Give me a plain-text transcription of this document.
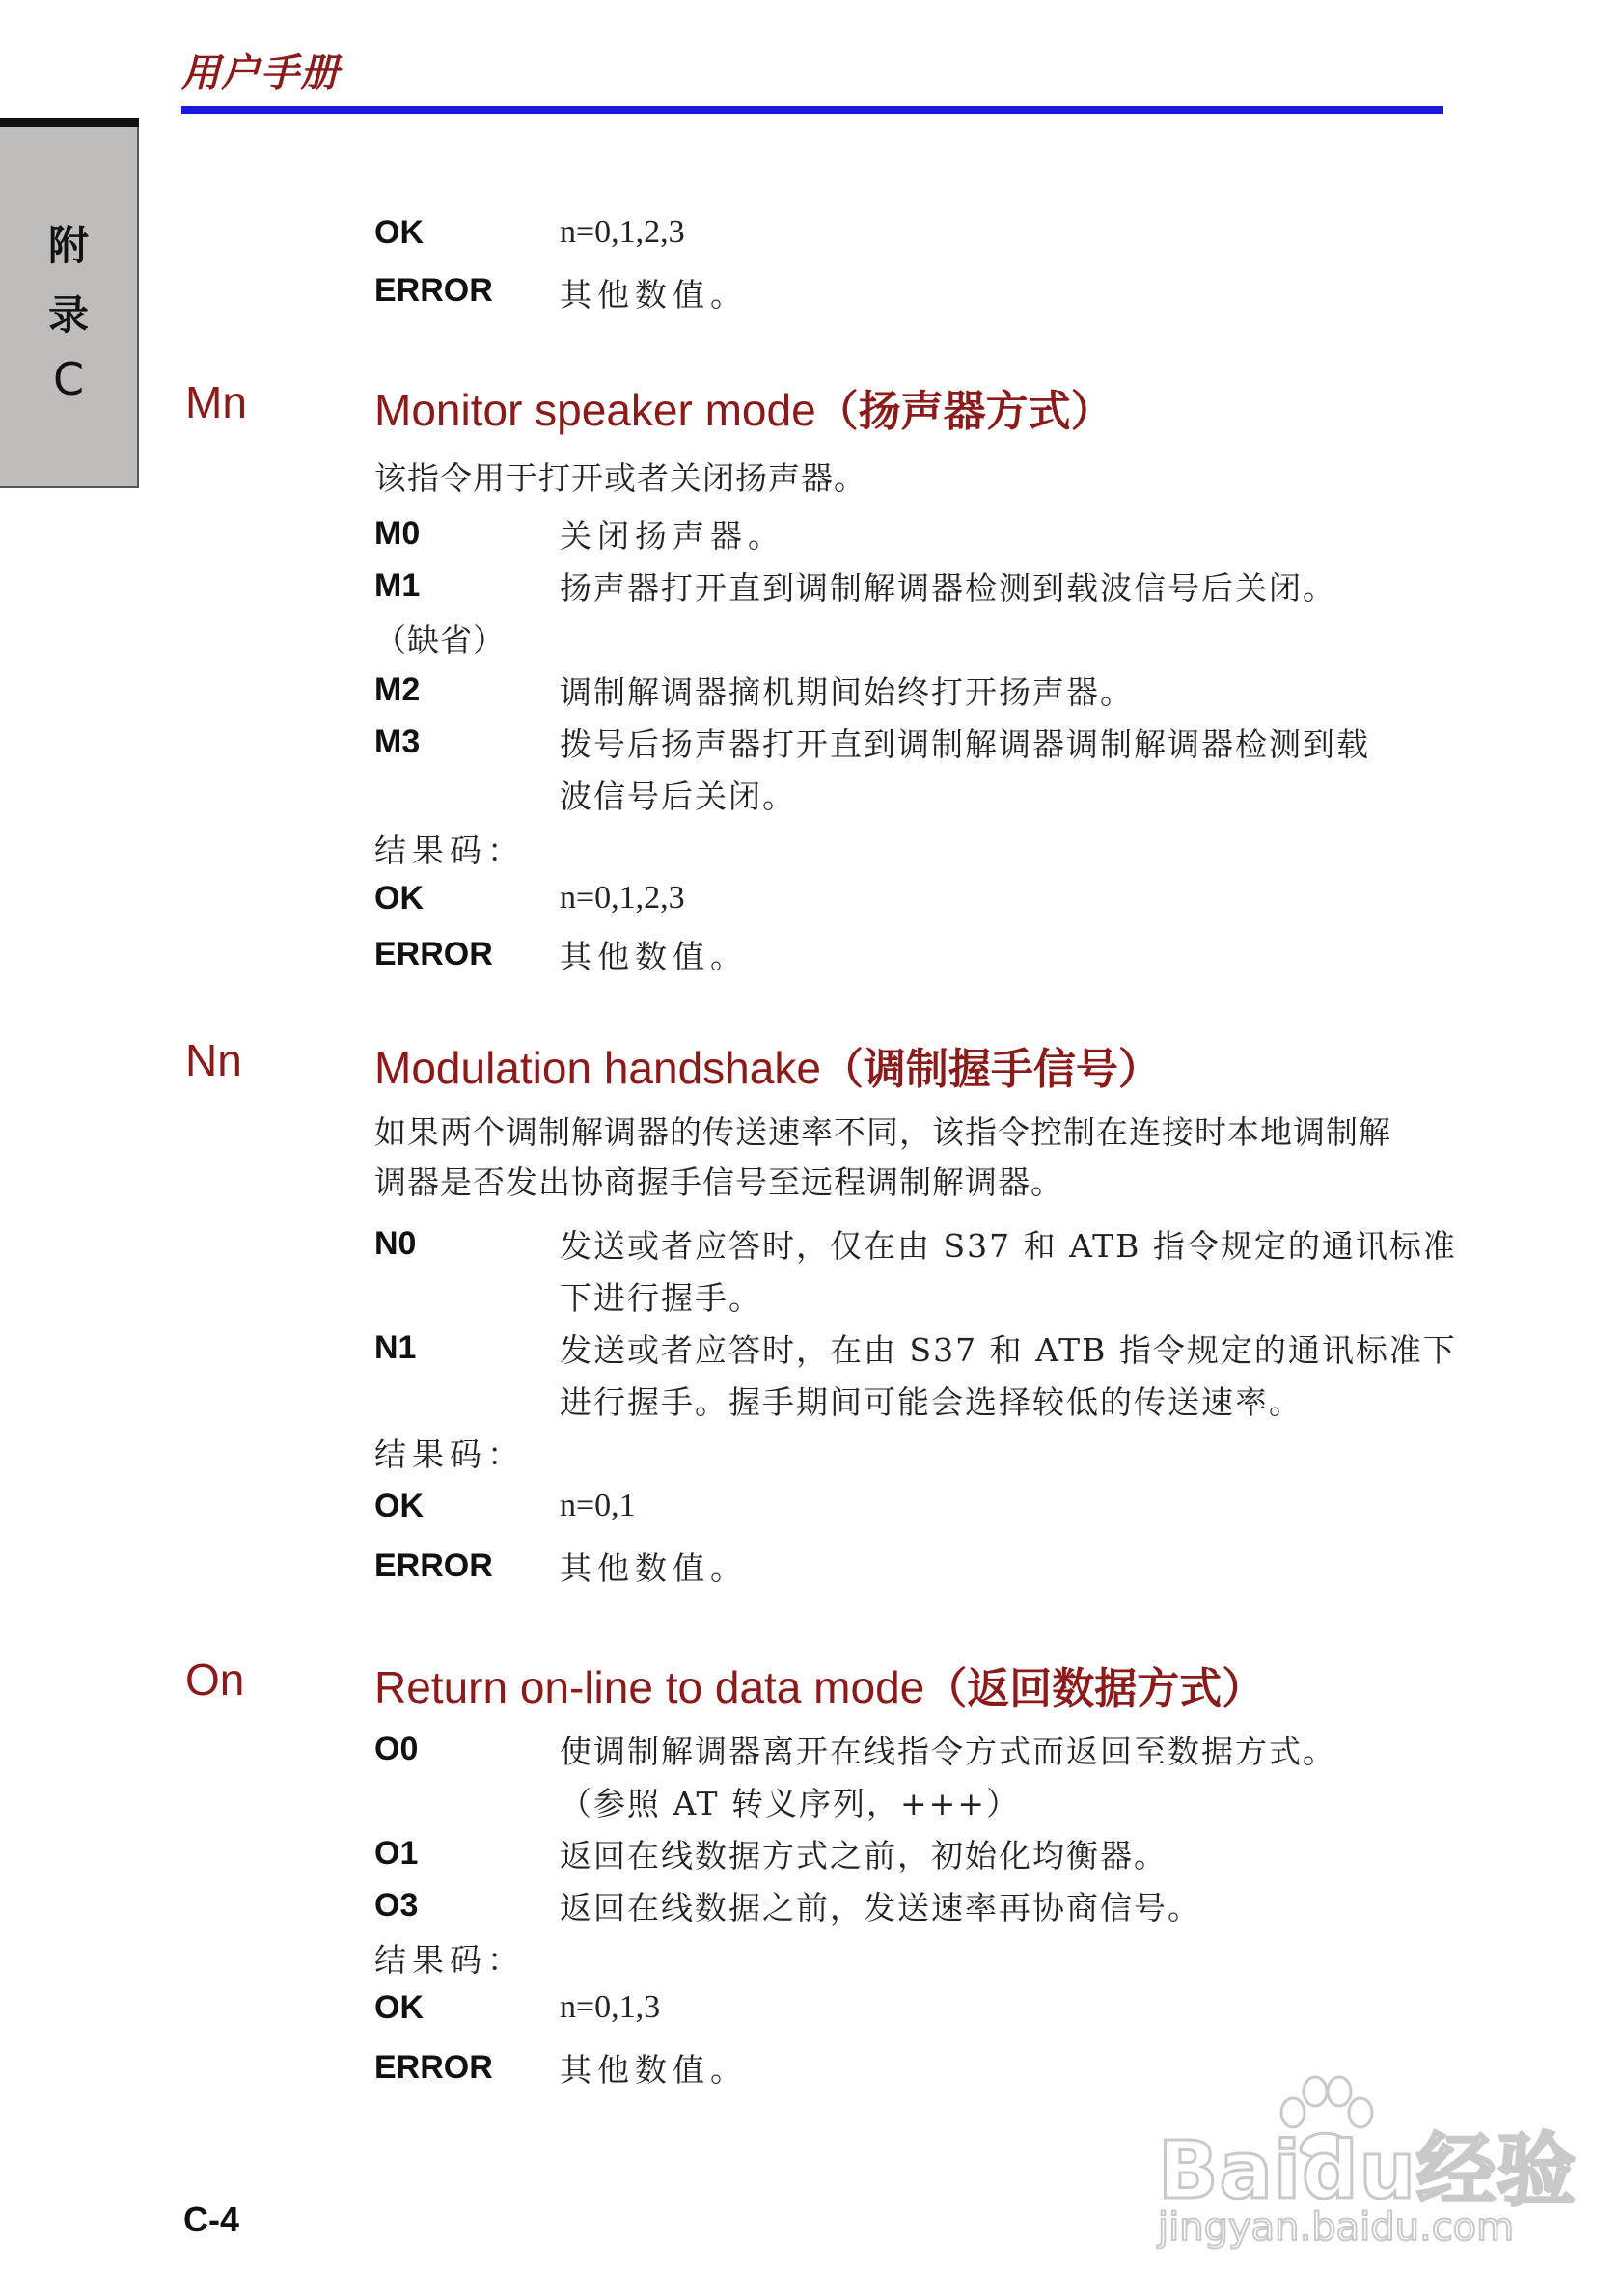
用户手册
附
录
C
OK	n=0,1,2,3
ERROR 其他数值。
Mn	Monitor speaker mode（扬声器方式）
该指令用于打开或者关闭扬声器。
M0	关闭扬声器。
M1	扬声器打开直到调制解调器检测到载波信号后关闭。
（缺省）
M2	调制解调器摘机期间始终打开扬声器。
M3	拨号后扬声器打开直到调制解调器调制解调器检测到载
波信号后关闭。
结果码：
OK	n=0,1,2,3
ERROR 其他数值。
Nn	Modulation handshake（调制握手信号）
如果两个调制解调器的传送速率不同，该指令控制在连接时本地调制解
调器是否发出协商握手信号至远程调制解调器。
N0	发送或者应答时，仅在由 S37 和 ATB 指令规定的通讯标准
下进行握手。
N1	发送或者应答时，在由 S37 和 ATB 指令规定的通讯标准下
进行握手。握手期间可能会选择较低的传送速率。
结果码：
OK	n=0,1
ERROR 其他数值。
On	Return on-line to data mode（返回数据方式）
O0	使调制解调器离开在线指令方式而返回至数据方式。
（参照 AT 转义序列，+++）
O1	返回在线数据方式之前，初始化均衡器。
O3	返回在线数据之前，发送速率再协商信号。
结果码：
OK	n=0,1,3
ERROR 其他数值。
C-4
Baidu经验
jingyan.baidu.com
